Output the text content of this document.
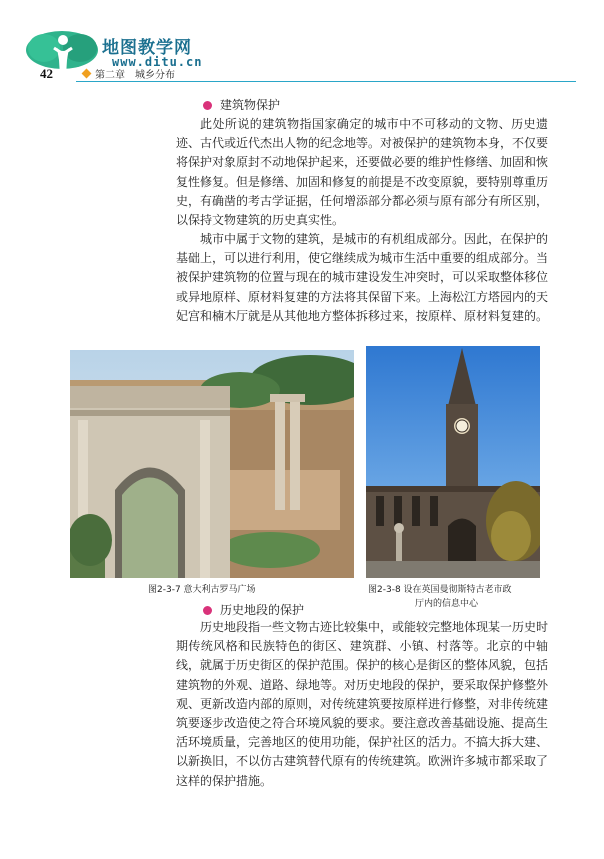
地图教学网
www.ditu.cn
42	第二章　城乡分布
建筑物保护

此处所说的建筑物指国家确定的城市中不可移动的文物、历史遗迹、古代或近代杰出人物的纪念地等。对被保护的建筑物本身，不仅要将保护对象原封不动地保护起来，还要做必要的维护性修缮、加固和恢复性修复。但是修缮、加固和修复的前提是不改变原貌，要特别尊重历史，有确凿的考古学证据，任何增添部分都必须与原有部分有所区别，以保持文物建筑的历史真实性。

城市中属于文物的建筑，是城市的有机组成部分。因此，在保护的基础上，可以进行利用，使它继续成为城市生活中重要的组成部分。当被保护建筑物的位置与现在的城市建设发生冲突时，可以采取整体移位或异地原样、原材料复建的方法将其保留下来。上海松江方塔园内的天妃宫和楠木厅就是从其他地方整体拆移过来，按原样、原材料复建的。

图2-3-7 意大利古罗马广场	图2-3-8 设在英国曼彻斯特古老市政
厅内的信息中心
历史地段的保护

历史地段指一些文物古迹比较集中，或能较完整地体现某一历史时期传统风格和民族特色的街区、建筑群、小镇、村落等。北京的中轴线，就属于历史街区的保护范围。保护的核心是街区的整体风貌，包括建筑物的外观、道路、绿地等。对历史地段的保护，要采取保护修整外观、更新改造内部的原则，对传统建筑要按原样进行修整，对非传统建筑要逐步改造使之符合环境风貌的要求。要注意改善基础设施、提高生活环境质量，完善地区的使用功能，保护社区的活力。不搞大拆大建、以新换旧，不以仿古建筑替代原有的传统建筑。欧洲许多城市都采取了这样的保护措施。
